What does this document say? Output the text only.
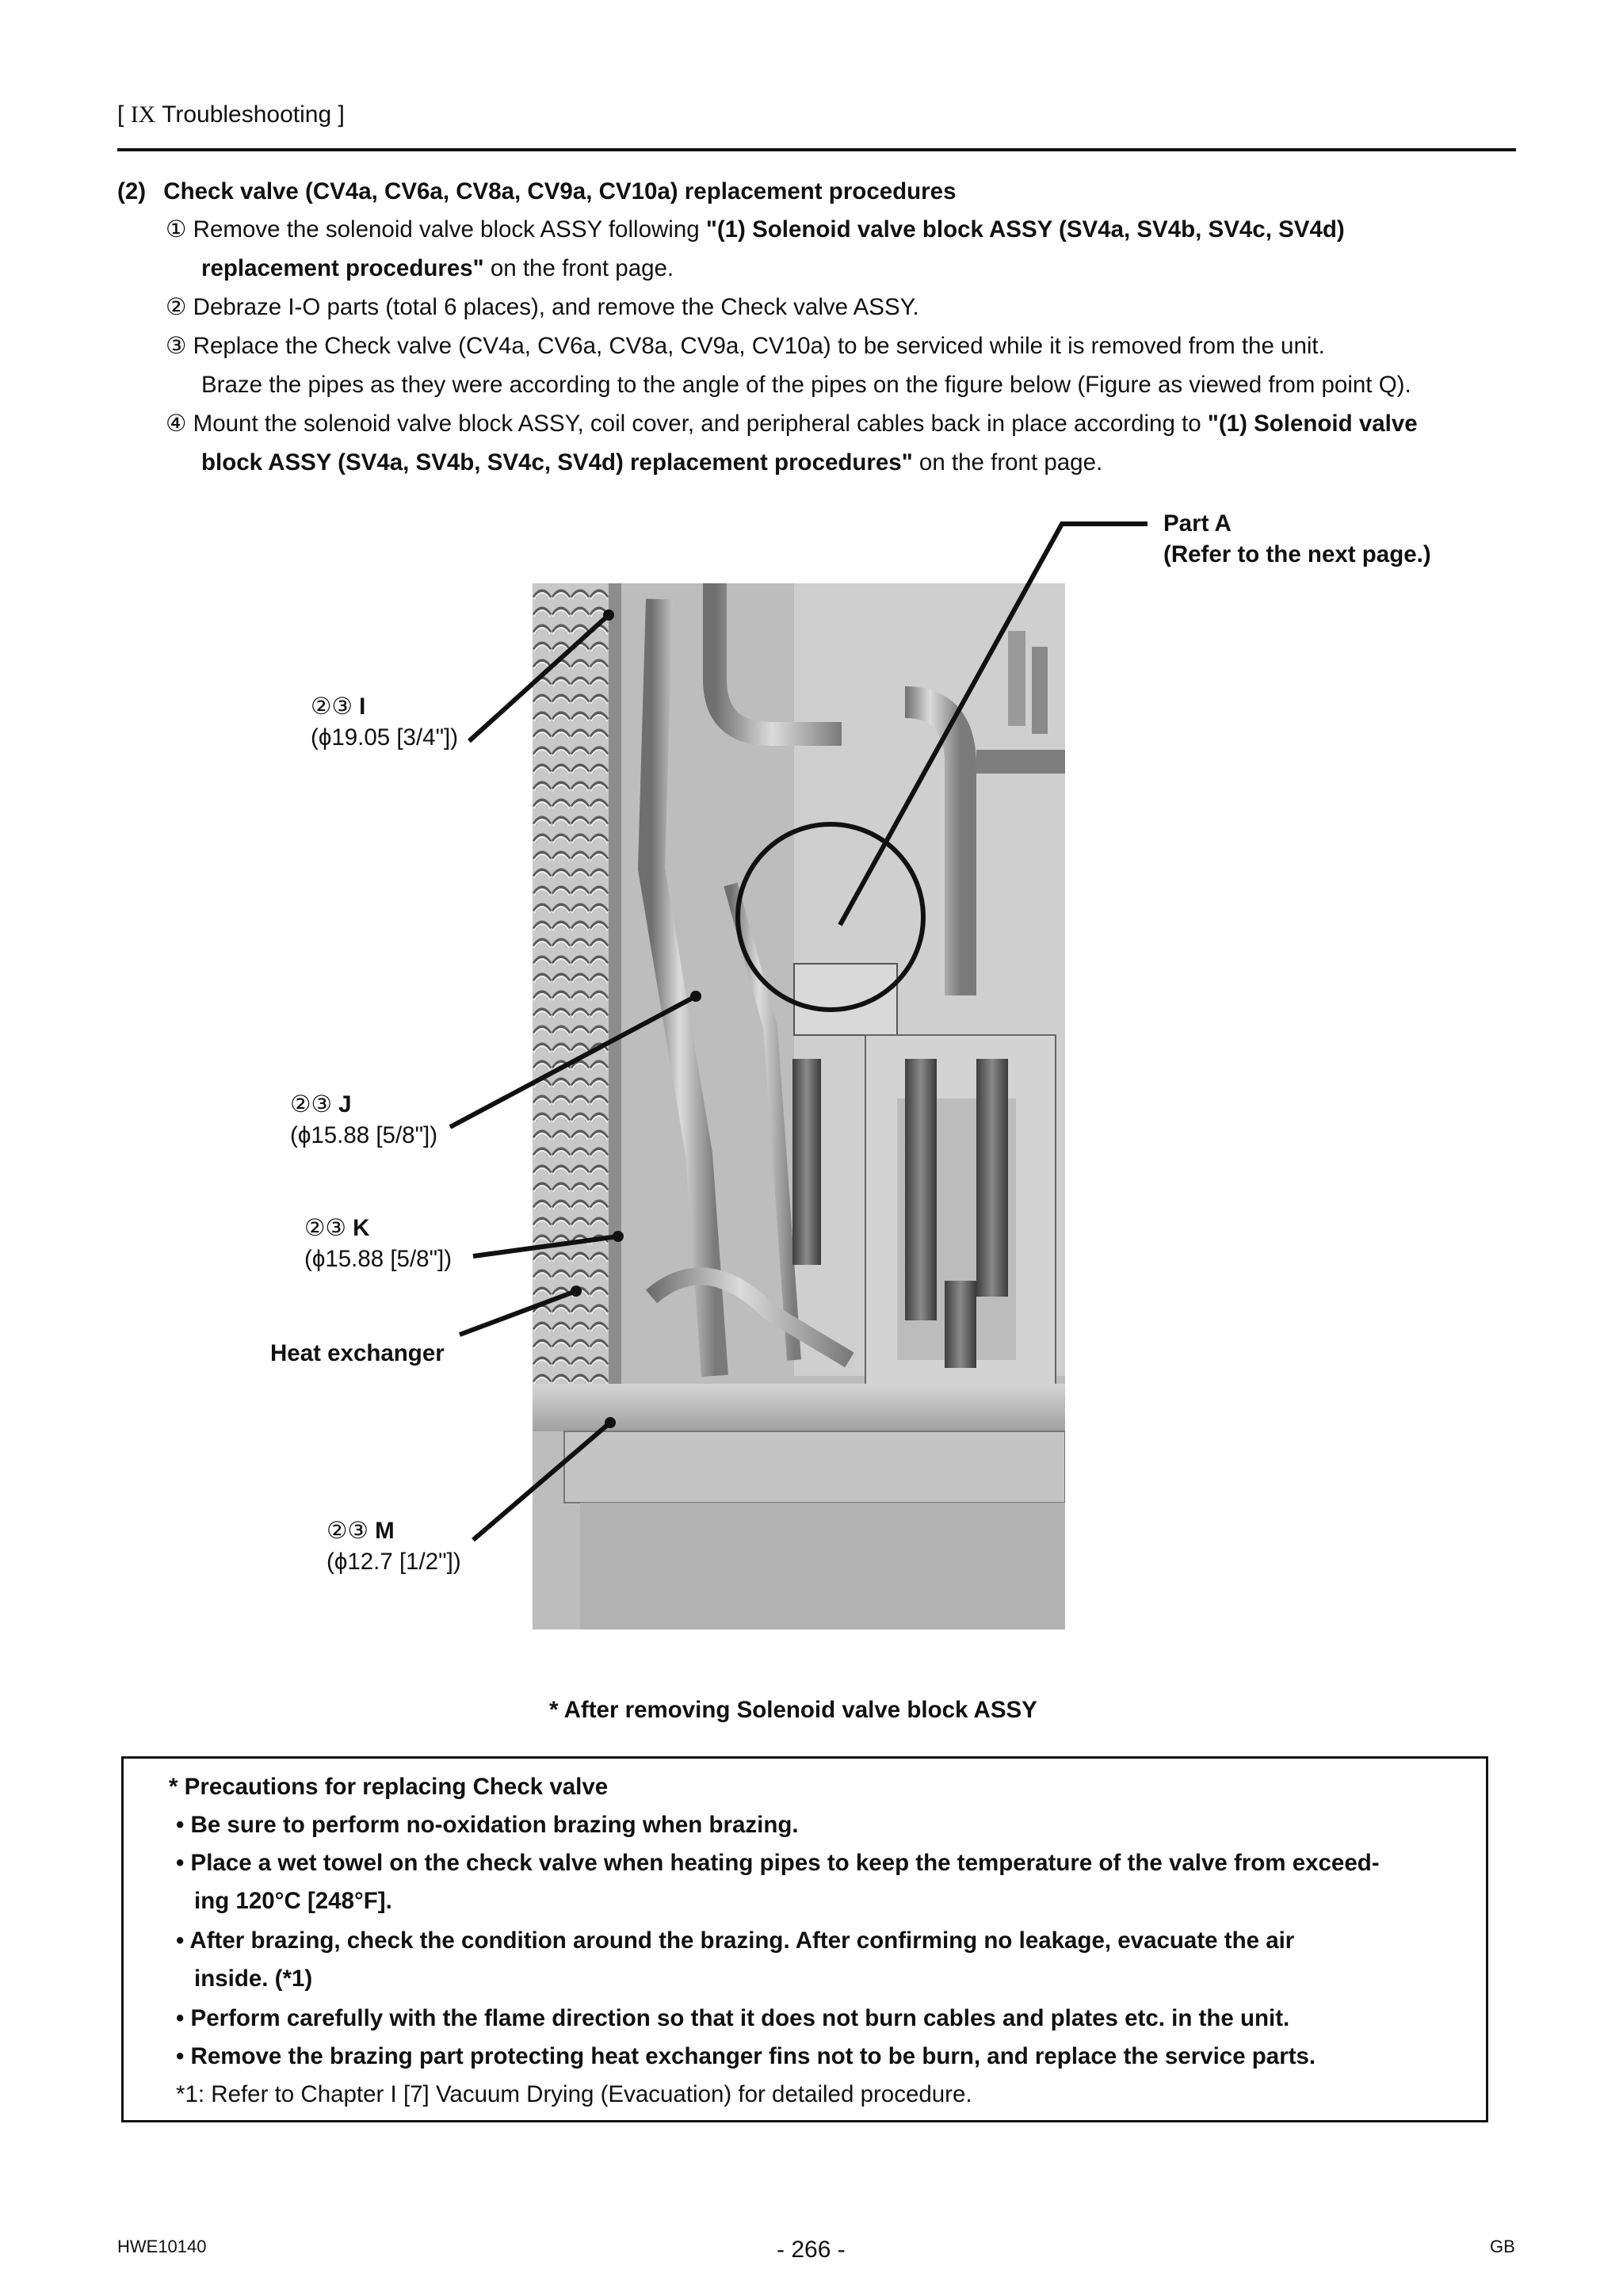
[ IX Troubleshooting ]
(2) Check valve (CV4a, CV6a, CV8a, CV9a, CV10a) replacement procedures
① Remove the solenoid valve block ASSY following "(1) Solenoid valve block ASSY (SV4a, SV4b, SV4c, SV4d)
replacement procedures" on the front page.
② Debraze I-O parts (total 6 places), and remove the Check valve ASSY.
③ Replace the Check valve (CV4a, CV6a, CV8a, CV9a, CV10a) to be serviced while it is removed from the unit.
Braze the pipes as they were according to the angle of the pipes on the figure below (Figure as viewed from point Q).
④ Mount the solenoid valve block ASSY, coil cover, and peripheral cables back in place according to "(1) Solenoid valve
block ASSY (SV4a, SV4b, SV4c, SV4d) replacement procedures" on the front page.
Part A
(Refer to the next page.)
②③ I
(ϕ19.05 [3/4"])
②③ J
(ϕ15.88 [5/8"])
②③ K
(ϕ15.88 [5/8"])
Heat exchanger
②③ M
(ϕ12.7 [1/2"])
* After removing Solenoid valve block ASSY
* Precautions for replacing Check valve
• Be sure to perform no-oxidation brazing when brazing.
• Place a wet towel on the check valve when heating pipes to keep the temperature of the valve from exceed-
ing 120°C [248°F].
• After brazing, check the condition around the brazing. After confirming no leakage, evacuate the air
inside. (*1)
• Perform carefully with the flame direction so that it does not burn cables and plates etc. in the unit.
• Remove the brazing part protecting heat exchanger fins not to be burn, and replace the service parts.
*1: Refer to Chapter I [7] Vacuum Drying (Evacuation) for detailed procedure.
HWE10140	- 266 -	GB
